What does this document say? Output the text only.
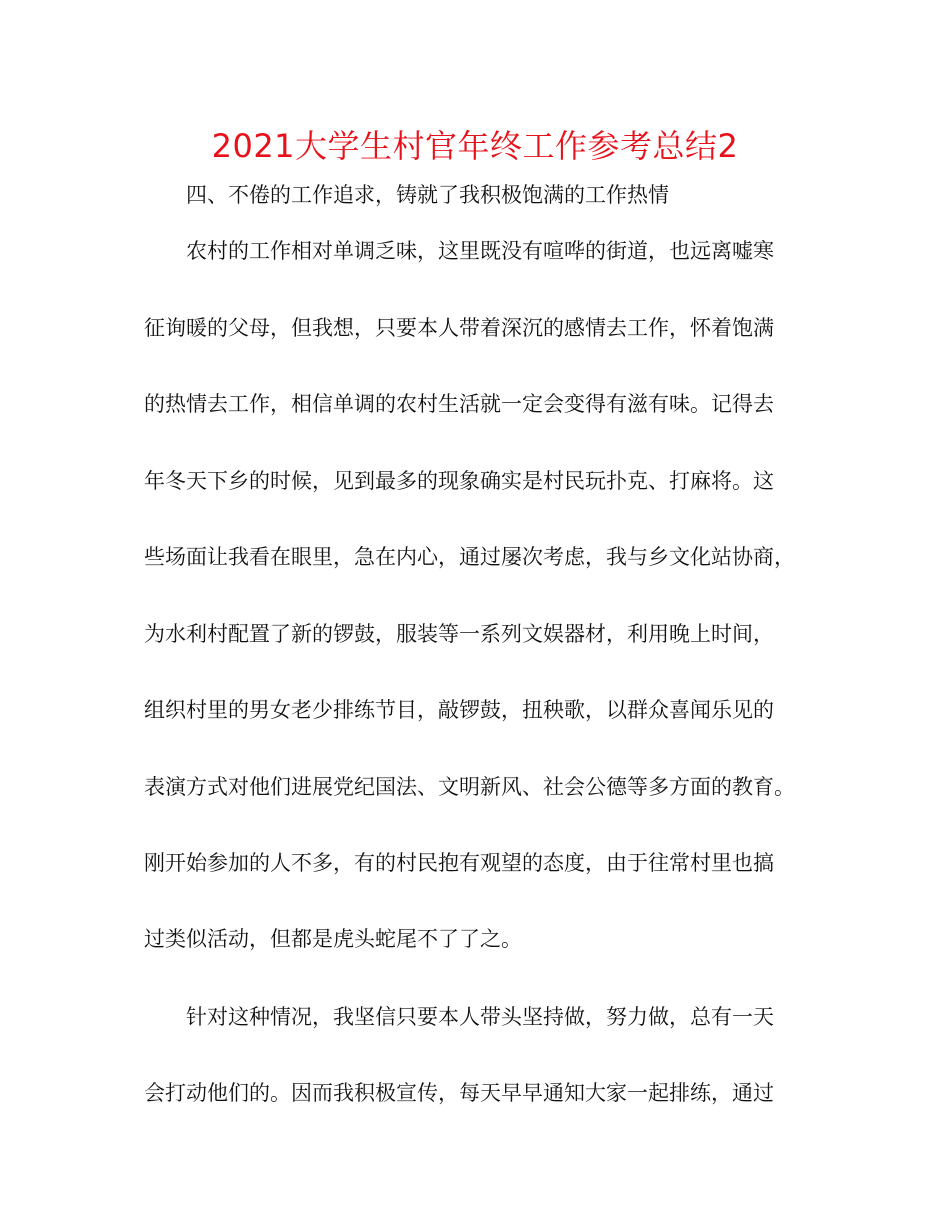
2021大学生村官年终工作参考总结2
四、不倦的工作追求，铸就了我积极饱满的工作热情
农村的工作相对单调乏味，这里既没有喧哗的街道，也远离嘘寒
征询暖的父母，但我想，只要本人带着深沉的感情去工作，怀着饱满
的热情去工作，相信单调的农村生活就一定会变得有滋有味。记得去
年冬天下乡的时候，见到最多的现象确实是村民玩扑克、打麻将。这
些场面让我看在眼里，急在内心，通过屡次考虑，我与乡文化站协商，
为水利村配置了新的锣鼓，服装等一系列文娱器材，利用晚上时间，
组织村里的男女老少排练节目，敲锣鼓，扭秧歌，以群众喜闻乐见的
表演方式对他们进展党纪国法、文明新风、社会公德等多方面的教育。
刚开始参加的人不多，有的村民抱有观望的态度，由于往常村里也搞
过类似活动，但都是虎头蛇尾不了了之。
针对这种情况，我坚信只要本人带头坚持做，努力做，总有一天
会打动他们的。因而我积极宣传，每天早早通知大家一起排练，通过
